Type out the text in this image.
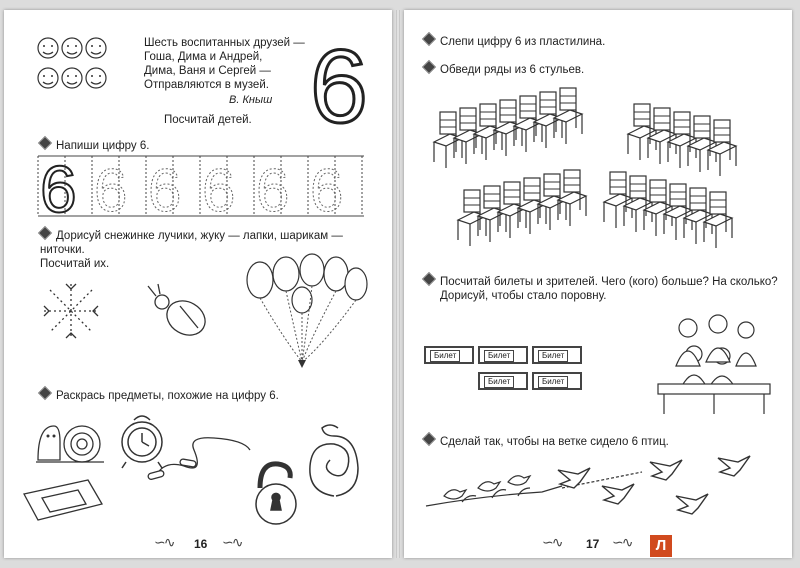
Шесть воспитанных друзей —
Гоша, Дима и Андрей,
Дима, Ваня и Сергей —
Отправляются в музей.
В. Кныш
Посчитай детей. 6
Напиши цифру 6.
6 6 6 6 6 6
Дорисуй снежинке лучики, жуку — лапки, шарикам — ниточки.
Посчитай их.
Раскрась предметы, похожие на цифру 6.
∽∿ 16 ∽∿
Слепи цифру 6 из пластилина.
Обведи ряды из 6 стульев.
Посчитай билеты и зрителей. Чего (кого) больше? На сколько?
Дорисуй, чтобы стало поровну.
Билет	Билет	Билет
Билет	Билет
Сделай так, чтобы на ветке сидело 6 птиц.
∽∿ 17 ∽∿	Л
